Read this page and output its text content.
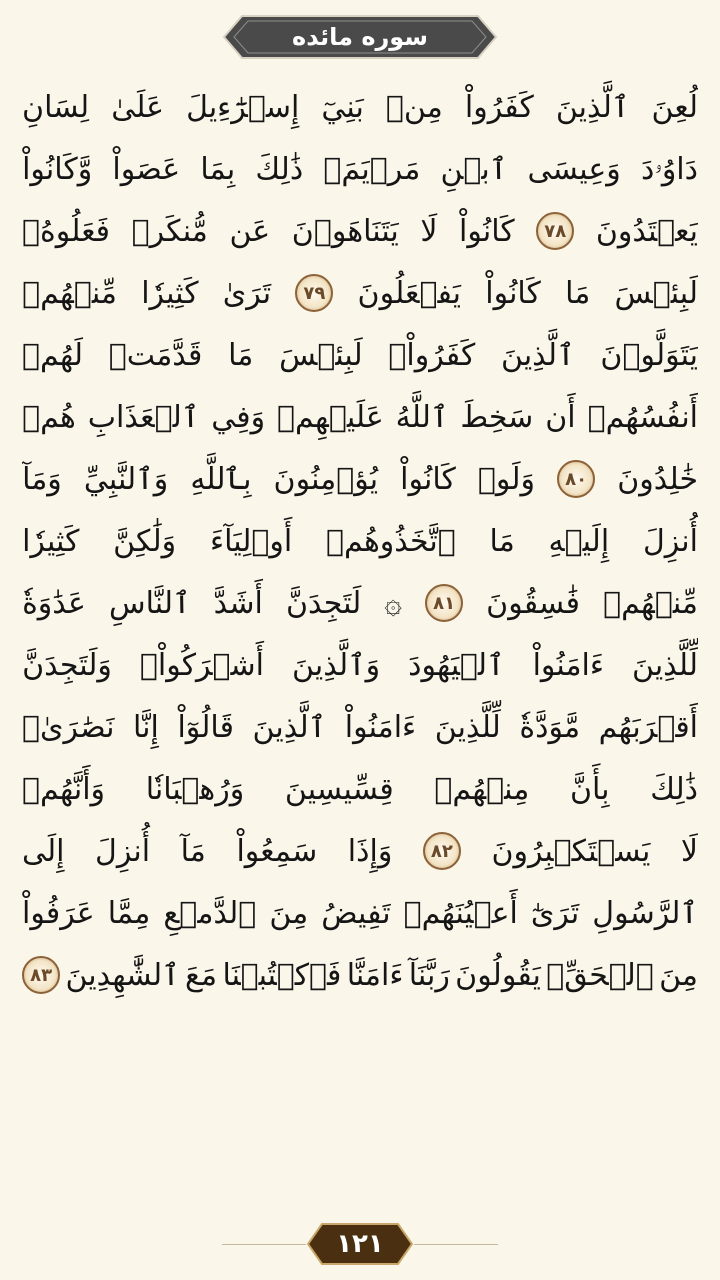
سوره مائده
لُعِنَ
ٱلَّذِينَ
كَفَرُواْ
مِنۢ
بَنِيٓ
إِسۡرَٰٓءِيلَ
عَلَىٰ
لِسَانِ
دَاوُۥدَ
وَعِيسَى
ٱبۡنِ
مَرۡيَمَۚ
ذَٰلِكَ
بِمَا
عَصَواْ
وَّكَانُواْ
يَعۡتَدُونَ
٧٨
كَانُواْ
لَا
يَتَنَاهَوۡنَ
عَن
مُّنكَرٖ
فَعَلُوهُۚ
لَبِئۡسَ
مَا
كَانُواْ
يَفۡعَلُونَ
٧٩
تَرَىٰ
كَثِيرٗا
مِّنۡهُمۡ
يَتَوَلَّوۡنَ
ٱلَّذِينَ
كَفَرُواْۚ
لَبِئۡسَ
مَا
قَدَّمَتۡ
لَهُمۡ
أَنفُسُهُمۡ
أَن
سَخِطَ
ٱللَّهُ
عَلَيۡهِمۡ
وَفِي
ٱلۡعَذَابِ
هُمۡ
خَٰلِدُونَ
٨٠
وَلَوۡ
كَانُواْ
يُؤۡمِنُونَ
بِٱللَّهِ
وَٱلنَّبِيِّ
وَمَآ
أُنزِلَ
إِلَيۡهِ
مَا
ٱتَّخَذُوهُمۡ
أَوۡلِيَآءَ
وَلَٰكِنَّ
كَثِيرٗا
مِّنۡهُمۡ
فَٰسِقُونَ
٨١
۞
لَتَجِدَنَّ
أَشَدَّ
ٱلنَّاسِ
عَدَٰوَةٗ
لِّلَّذِينَ
ءَامَنُواْ
ٱلۡيَهُودَ
وَٱلَّذِينَ
أَشۡرَكُواْۖ
وَلَتَجِدَنَّ
أَقۡرَبَهُم
مَّوَدَّةٗ
لِّلَّذِينَ
ءَامَنُواْ
ٱلَّذِينَ
قَالُوٓاْ
إِنَّا
نَصَٰرَىٰۚ
ذَٰلِكَ
بِأَنَّ
مِنۡهُمۡ
قِسِّيسِينَ
وَرُهۡبَانٗا
وَأَنَّهُمۡ
لَا
يَسۡتَكۡبِرُونَ
٨٢
وَإِذَا
سَمِعُواْ
مَآ
أُنزِلَ
إِلَى
ٱلرَّسُولِ
تَرَىٰٓ
أَعۡيُنَهُمۡ
تَفِيضُ
مِنَ
ٱلدَّمۡعِ
مِمَّا
عَرَفُواْ
مِنَ
ٱلۡحَقِّۖ
يَقُولُونَ
رَبَّنَآ
ءَامَنَّا
فَٱكۡتُبۡنَا
مَعَ
ٱلشَّٰهِدِينَ
٨٣
١٢١
